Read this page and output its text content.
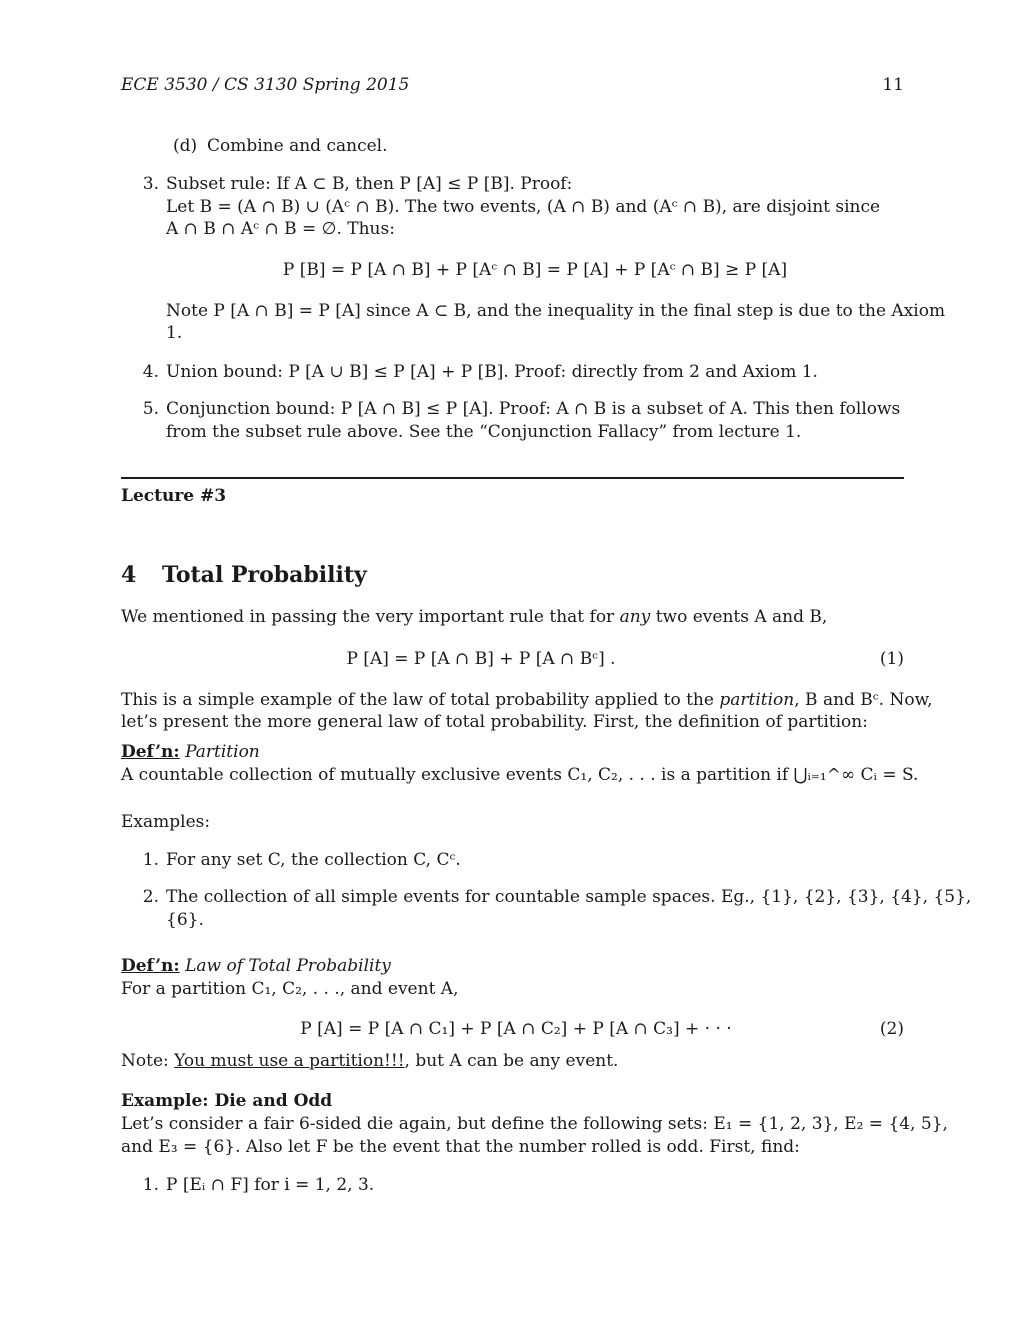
ECE 3530 / CS 3130 Spring 2015	11
(d) Combine and cancel.
3. Subset rule: If A ⊂ B, then P [A] ≤ P [B]. Proof:
Let B = (A ∩ B) ∪ (Aᶜ ∩ B). The two events, (A ∩ B) and (Aᶜ ∩ B), are disjoint since
A ∩ B ∩ Aᶜ ∩ B = ∅. Thus:
P [B] = P [A ∩ B] + P [Aᶜ ∩ B] = P [A] + P [Aᶜ ∩ B] ≥ P [A]
Note P [A ∩ B] = P [A] since A ⊂ B, and the inequality in the final step is due to the Axiom
1.
4. Union bound: P [A ∪ B] ≤ P [A] + P [B]. Proof: directly from 2 and Axiom 1.
5. Conjunction bound: P [A ∩ B] ≤ P [A]. Proof: A ∩ B is a subset of A. This then follows
from the subset rule above. See the “Conjunction Fallacy” from lecture 1.
Lecture #3
4 Total Probability
We mentioned in passing the very important rule that for any two events A and B,
P [A] = P [A ∩ B] + P [A ∩ Bᶜ] .	(1)
This is a simple example of the law of total probability applied to the partition, B and Bᶜ. Now,
let’s present the more general law of total probability. First, the definition of partition:
Def’n: Partition
A countable collection of mutually exclusive events C₁, C₂, . . . is a partition if ⋃ᵢ₌₁^∞ Cᵢ = S.
Examples:
1. For any set C, the collection C, Cᶜ.
2. The collection of all simple events for countable sample spaces. Eg., {1}, {2}, {3}, {4}, {5},
{6}.
Def’n: Law of Total Probability
For a partition C₁, C₂, . . ., and event A,
P [A] = P [A ∩ C₁] + P [A ∩ C₂] + P [A ∩ C₃] + · · ·	(2)
Note: You must use a partition!!!, but A can be any event.
Example: Die and Odd
Let’s consider a fair 6-sided die again, but define the following sets: E₁ = {1, 2, 3}, E₂ = {4, 5},
and E₃ = {6}. Also let F be the event that the number rolled is odd. First, find:
1. P [Eᵢ ∩ F] for i = 1, 2, 3.
